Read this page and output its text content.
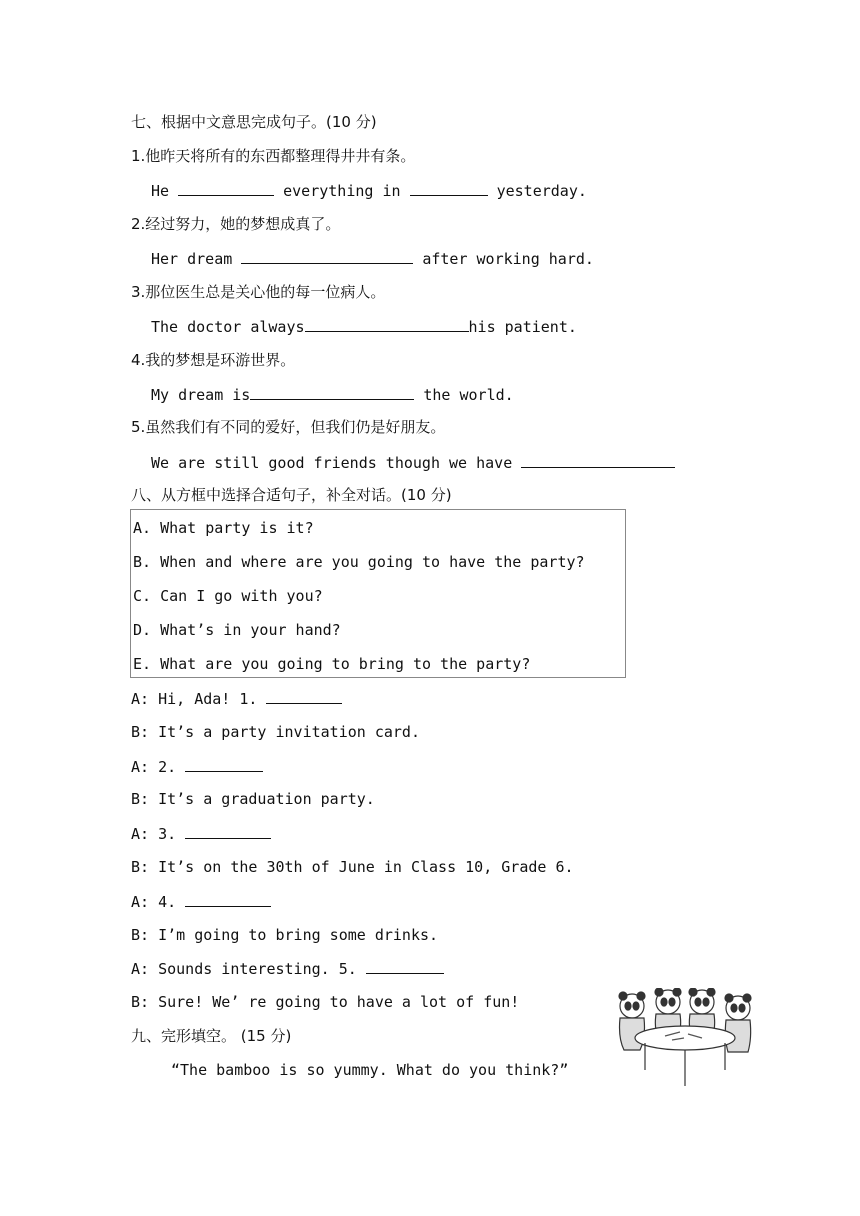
七、根据中文意思完成句子。(10 分)
1.他昨天将所有的东西都整理得井井有条。
He	everything in	yesterday.
2.经过努力，她的梦想成真了。
Her dream	after working hard.
3.那位医生总是关心他的每一位病人。
The doctor always	his patient.
4.我的梦想是环游世界。
My dream is	the world.
5.虽然我们有不同的爱好，但我们仍是好朋友。
We are still good friends though we have
八、从方框中选择合适句子，补全对话。(10 分)
A. What party is it?
B. When and where are you going to have the party?
C. Can I go with you?
D. What’s in your hand?
E. What are you going to bring to the party?
A: Hi, Ada! 1.
B: It’s a party invitation card.
A: 2.
B: It’s a graduation party.
A: 3.
B: It’s on the 30th of June in Class 10, Grade 6.
A: 4.
B: I’m going to bring some drinks.
A: Sounds interesting. 5.
B: Sure! We’ re going to have a lot of fun!
九、完形填空。 (15 分)
“The bamboo is so yummy. What do you think?”
